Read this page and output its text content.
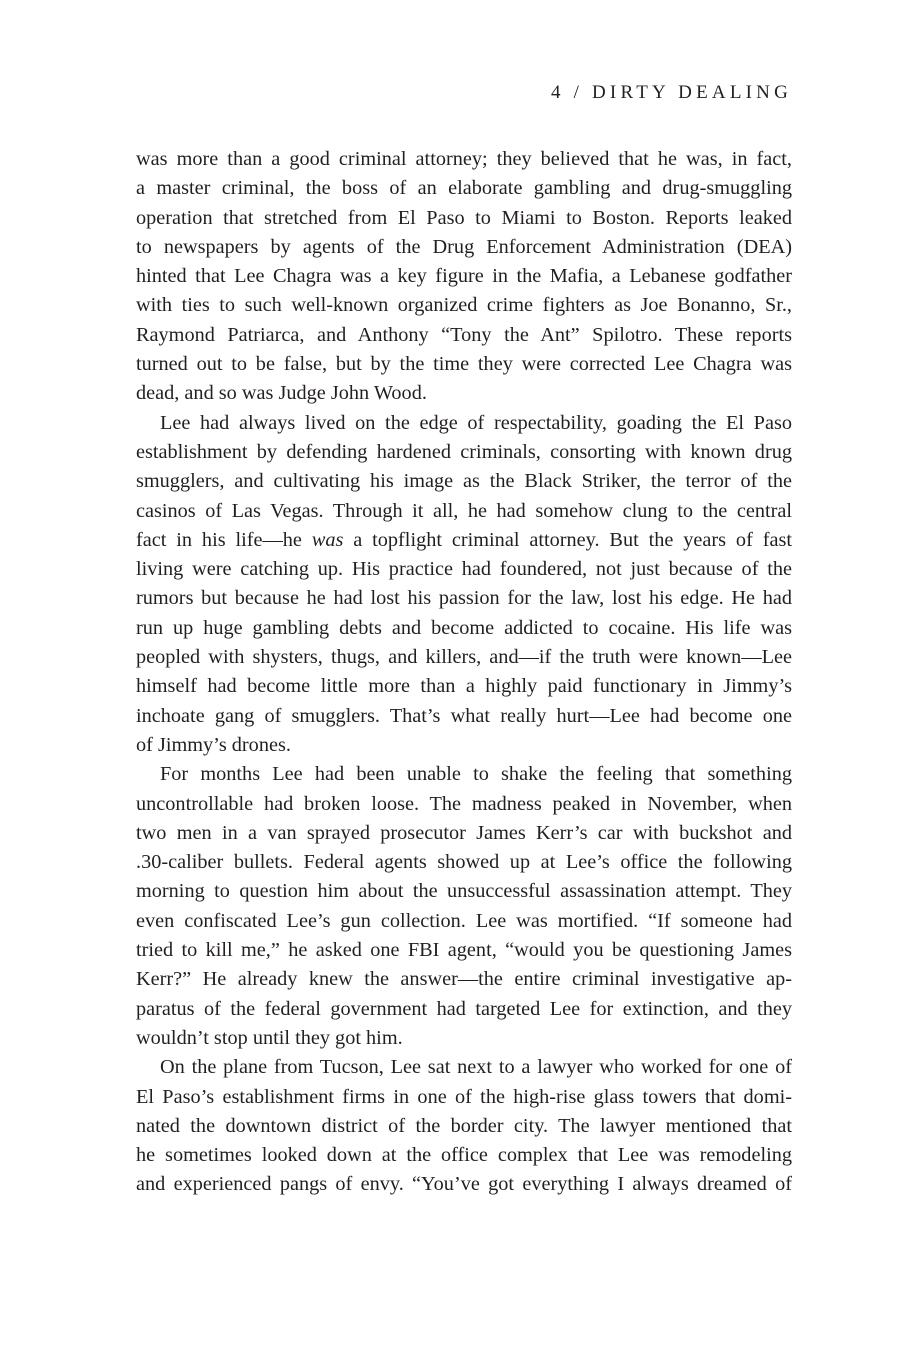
4 / DIRTY DEALING
was more than a good criminal attorney; they believed that he was, in fact,
a master criminal, the boss of an elaborate gambling and drug-smuggling
operation that stretched from El Paso to Miami to Boston. Reports leaked
to newspapers by agents of the Drug Enforcement Administration (DEA)
hinted that Lee Chagra was a key figure in the Mafia, a Lebanese godfather
with ties to such well-known organized crime fighters as Joe Bonanno, Sr.,
Raymond Patriarca, and Anthony “Tony the Ant” Spilotro. These reports
turned out to be false, but by the time they were corrected Lee Chagra was
dead, and so was Judge John Wood.
Lee had always lived on the edge of respectability, goading the El Paso
establishment by defending hardened criminals, consorting with known drug
smugglers, and cultivating his image as the Black Striker, the terror of the
casinos of Las Vegas. Through it all, he had somehow clung to the central
fact in his life—he was a topflight criminal attorney. But the years of fast
living were catching up. His practice had foundered, not just because of the
rumors but because he had lost his passion for the law, lost his edge. He had
run up huge gambling debts and become addicted to cocaine. His life was
peopled with shysters, thugs, and killers, and—if the truth were known—Lee
himself had become little more than a highly paid functionary in Jimmy’s
inchoate gang of smugglers. That’s what really hurt—Lee had become one
of Jimmy’s drones.
For months Lee had been unable to shake the feeling that something
uncontrollable had broken loose. The madness peaked in November, when
two men in a van sprayed prosecutor James Kerr’s car with buckshot and
.30-caliber bullets. Federal agents showed up at Lee’s office the following
morning to question him about the unsuccessful assassination attempt. They
even confiscated Lee’s gun collection. Lee was mortified. “If someone had
tried to kill me,” he asked one FBI agent, “would you be questioning James
Kerr?” He already knew the answer—the entire criminal investigative ap-
paratus of the federal government had targeted Lee for extinction, and they
wouldn’t stop until they got him.
On the plane from Tucson, Lee sat next to a lawyer who worked for one of
El Paso’s establishment firms in one of the high-rise glass towers that domi-
nated the downtown district of the border city. The lawyer mentioned that
he sometimes looked down at the office complex that Lee was remodeling
and experienced pangs of envy. “You’ve got everything I always dreamed of
